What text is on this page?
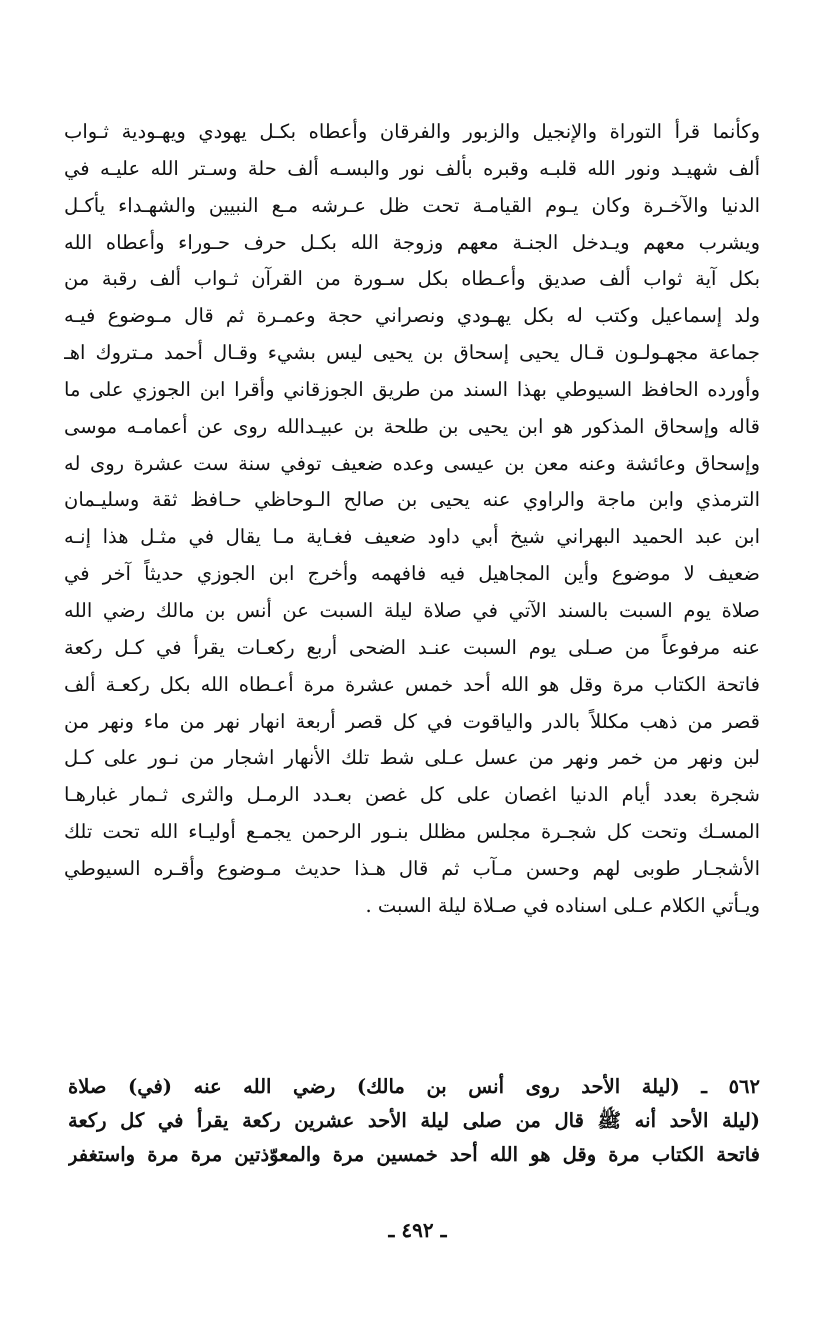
وكأنما قرأ التوراة والإنجيل والزبور والفرقان وأعطاه بكـل يهودي ويهـودية ثـواب
ألف شهيـد ونور الله قلبـه وقبره بألف نور والبسـه ألف حلة وسـتر الله عليـه في
الدنيا والآخـرة وكان يـوم القيامـة تحت ظل عـرشه مـع النبيين والشهـداء يأكـل
ويشرب معهم ويـدخل الجنـة معهم وزوجة الله بكـل حرف حـوراء وأعطاه الله
بكل آية ثواب ألف صديق وأعـطاه بكل سـورة من القرآن ثـواب ألف رقبة من
ولد إسماعيل وكتب له بكل يهـودي ونصراني حجة وعمـرة ثم قال مـوضوع فيـه
جماعة مجهـولـون قـال يحيى إسحاق بن يحيى ليس بشيء وقـال أحمد مـتروك اهـ
وأورده الحافظ السيوطي بهذا السند من طريق الجوزقاني وأقرا ابن الجوزي على ما
قاله وإسحاق المذكور هو ابن يحيى بن طلحة بن عبيـدالله روى عن أعمامـه موسى
وإسحاق وعائشة وعنه معن بن عيسى وعده ضعيف توفي سنة ست عشرة روى له
الترمذي وابن ماجة والراوي عنه يحيى بن صالح الـوحاظي حـافظ ثقة وسليـمان
ابن عبد الحميد البهراني شيخ أبي داود ضعيف فغـاية مـا يقال في مثـل هذا إنـه
ضعيف لا موضوع وأين المجاهيل فيه فافهمه وأخرج ابن الجوزي حديثاً آخر في
صلاة يوم السبت بالسند الآتي في صلاة ليلة السبت عن أنس بن مالك رضي الله
عنه مرفوعاً من صـلى يوم السبت عنـد الضحى أربع ركعـات يقرأ في كـل ركعة
فاتحة الكتاب مرة وقل هو الله أحد خمس عشرة مرة أعـطاه الله بكل ركعـة ألف
قصر من ذهب مكللاً بالدر والياقوت في كل قصر أربعة انهار نهر من ماء ونهر من
لبن ونهر من خمر ونهر من عسل عـلى شط تلك الأنهار اشجار من نـور على كـل
شجرة بعدد أيام الدنيا اغصان على كل غصن بعـدد الرمـل والثرى ثـمار غبارهـا
المسـك وتحت كل شجـرة مجلس مظلل بنـور الرحمن يجمـع أوليـاء الله تحت تلك
الأشجـار طوبى لهم وحسن مـآب ثم قال هـذا حديث مـوضوع وأقـره السيوطي
ويـأتي الكلام عـلى اسناده في صـلاة ليلة السبت .
٥٦٢ ـ (ليلة الأحد روى أنس بن مالك) رضي الله عنه (في) صلاة
(ليلة الأحد أنه ﷺ قال من صلى ليلة الأحد عشرين ركعة يقرأ في كل ركعة
فاتحة الكتاب مرة وقل هو الله أحد خمسين مرة والمعوّذتين مرة مرة واستغفر
ـ ٤٩٢ ـ
